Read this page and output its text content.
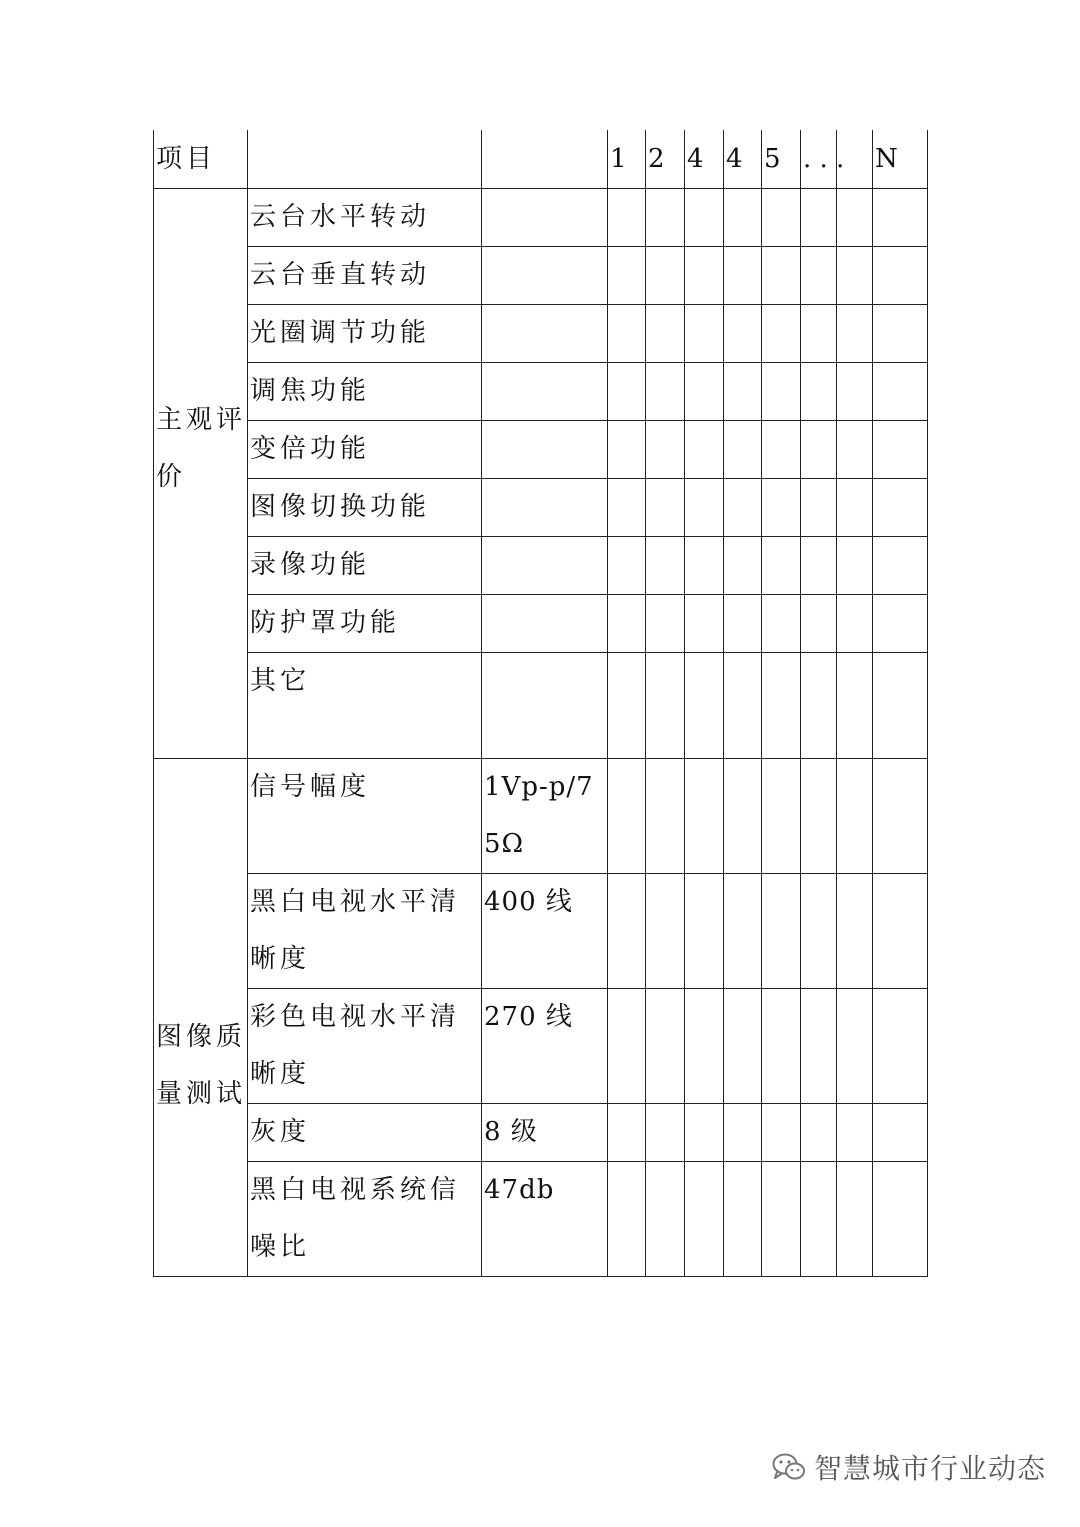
项目			1	2	4	4	5	. . .		N

主观评价	云台水平转动									

	云台垂直转动									

	光圈调节功能									

	调焦功能									

	变倍功能									

	图像切换功能									

	录像功能									

	防护罩功能									

	其它									

图像质量测试	信号幅度	1Vp-p/75Ω								

	黑白电视水平清晰度	400 线								

	彩色电视水平清晰度	270 线								

	灰度	8 级								

	黑白电视系统信噪比	47db								

智慧城市行业动态
